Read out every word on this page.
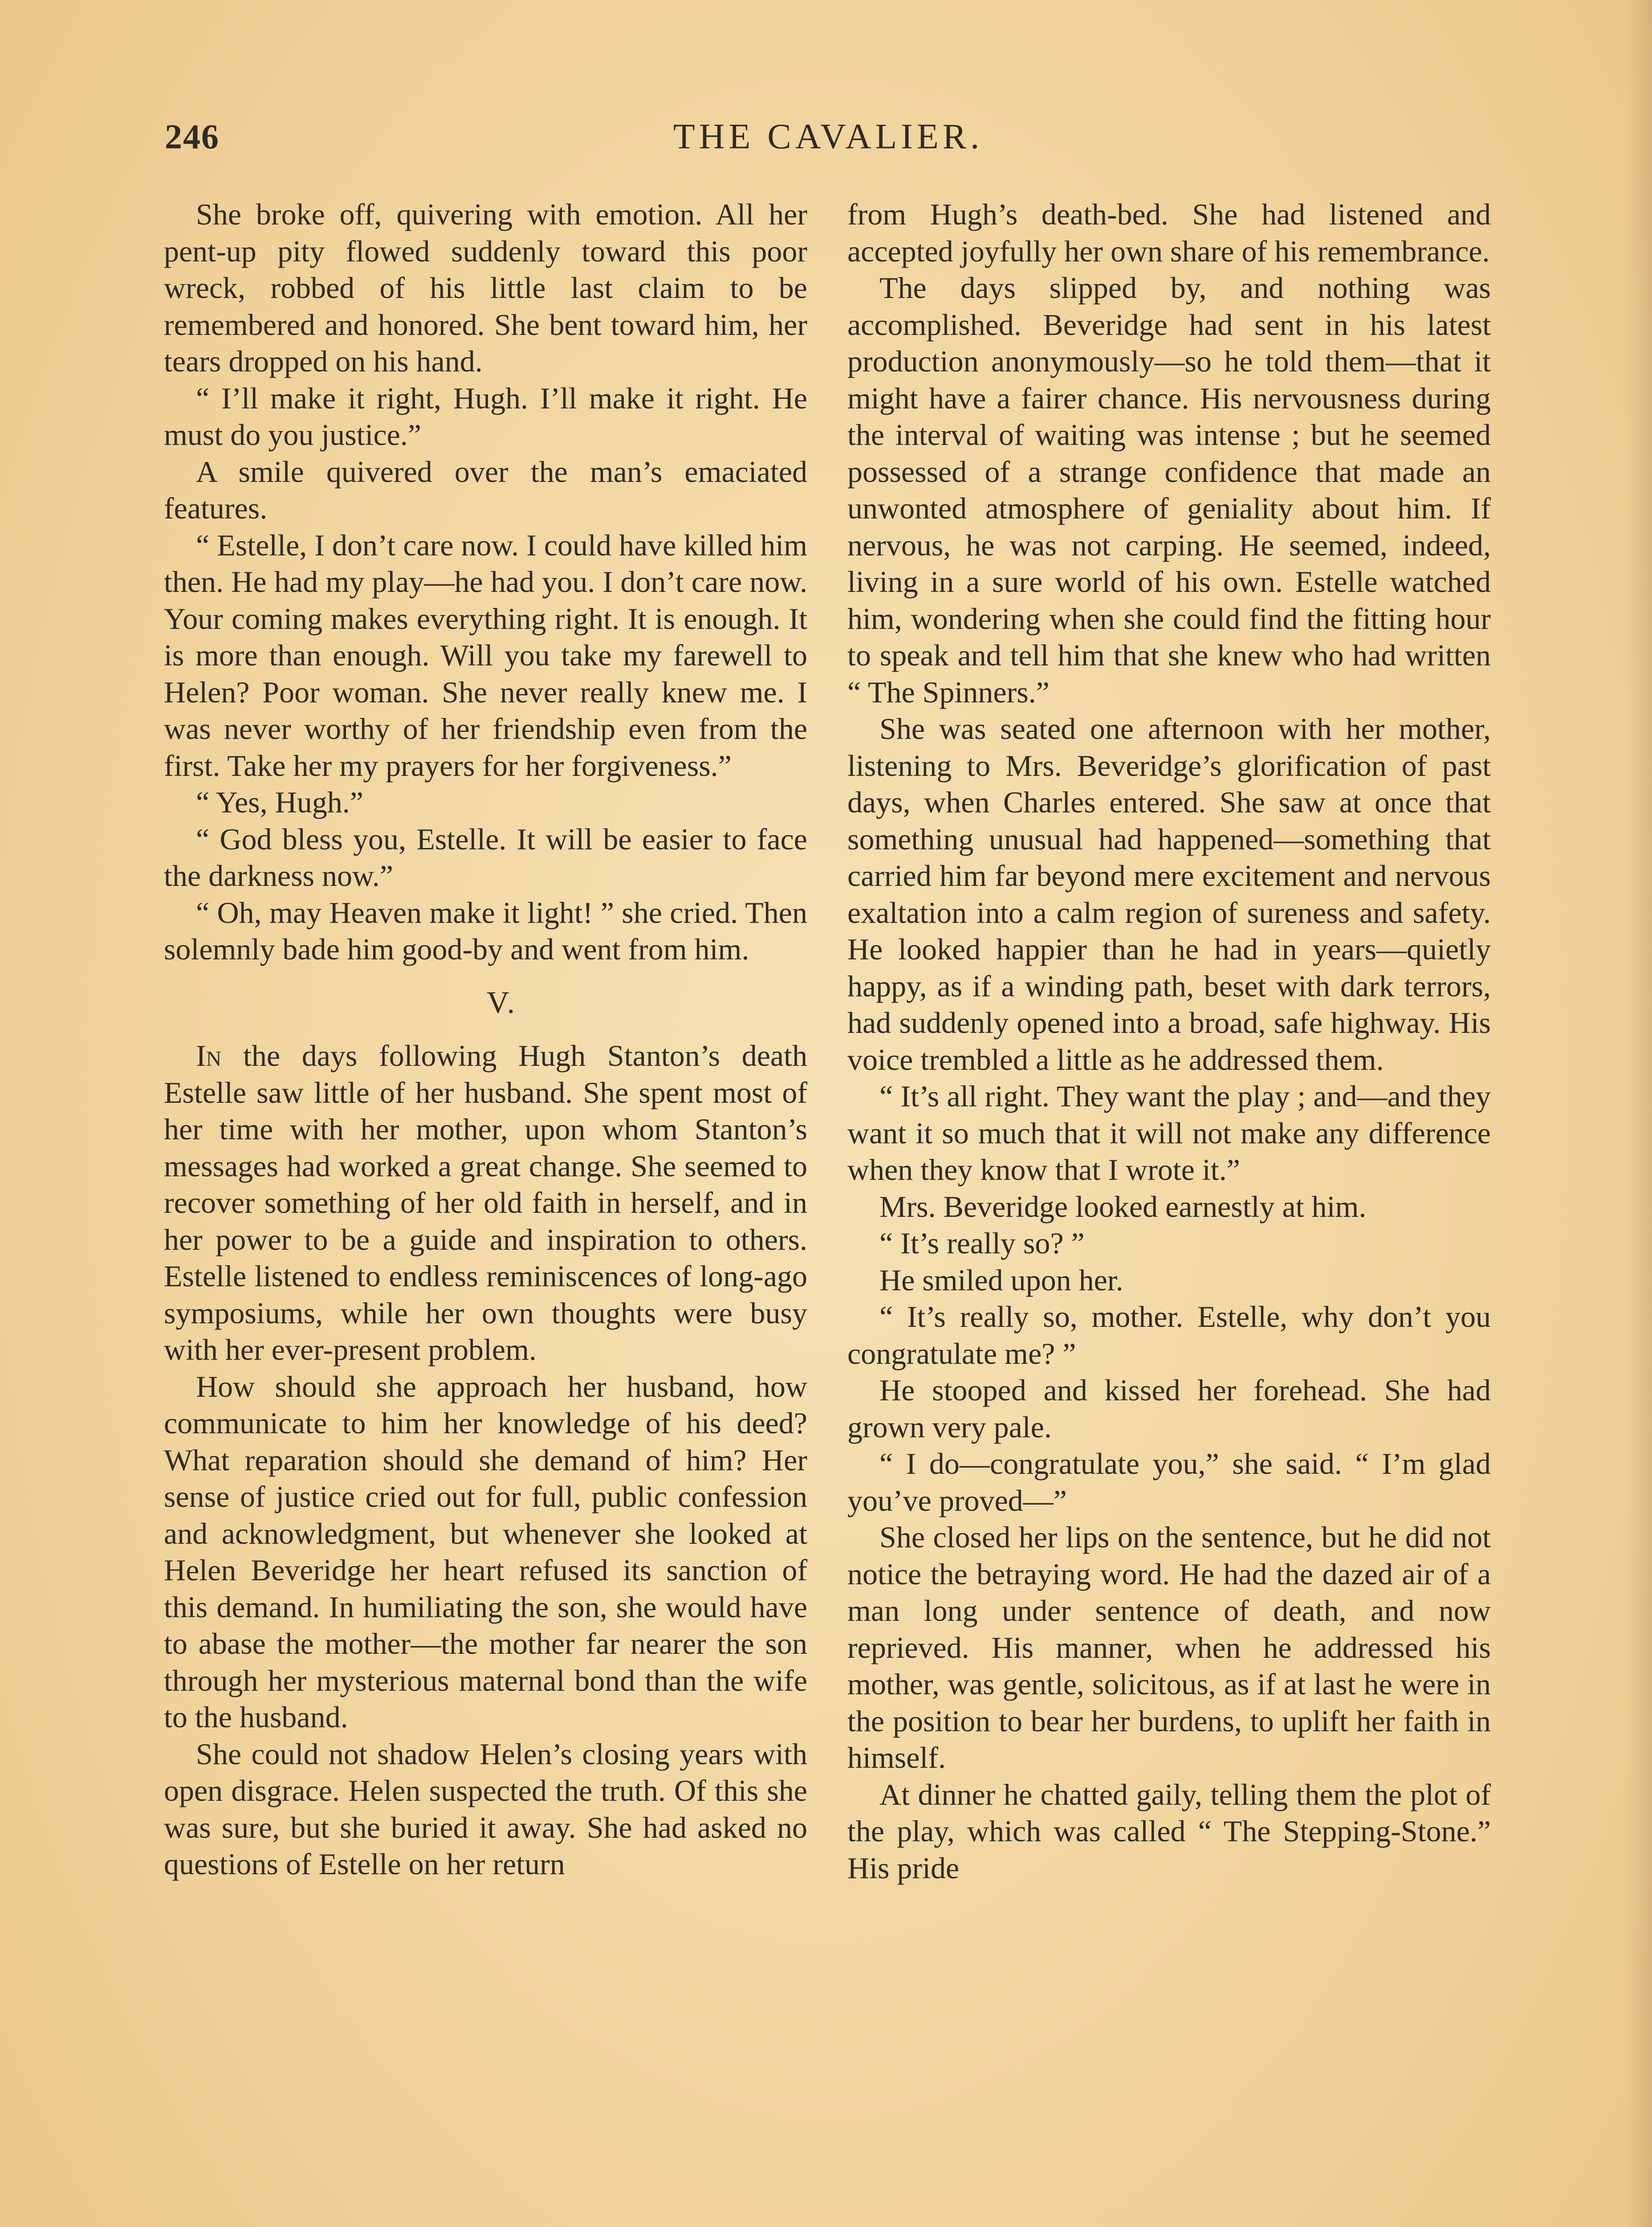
246	THE CAVALIER.

She broke off, quivering with emotion. All her pent-up pity flowed suddenly toward this poor wreck, robbed of his little last claim to be remembered and honored. She bent toward him, her tears dropped on his hand.

“ I’ll make it right, Hugh. I’ll make it right. He must do you justice.”

A smile quivered over the man’s emaciated features.

“ Estelle, I don’t care now. I could have killed him then. He had my play—he had you. I don’t care now. Your coming makes everything right. It is enough. It is more than enough. Will you take my farewell to Helen? Poor woman. She never really knew me. I was never worthy of her friendship even from the first. Take her my prayers for her forgiveness.”

“ Yes, Hugh.”

“ God bless you, Estelle. It will be easier to face the darkness now.”

“ Oh, may Heaven make it light! ” she cried. Then solemnly bade him good-by and went from him.

V.

In the days following Hugh Stanton’s death Estelle saw little of her husband. She spent most of her time with her mother, upon whom Stanton’s messages had worked a great change. She seemed to recover something of her old faith in herself, and in her power to be a guide and inspiration to others. Estelle listened to endless reminiscences of long-ago symposiums, while her own thoughts were busy with her ever-present problem.

How should she approach her husband, how communicate to him her knowledge of his deed? What reparation should she demand of him? Her sense of justice cried out for full, public confession and acknowledgment, but whenever she looked at Helen Beveridge her heart refused its sanction of this demand. In humiliating the son, she would have to abase the mother—the mother far nearer the son through her mysterious maternal bond than the wife to the husband.

She could not shadow Helen’s closing years with open disgrace. Helen suspected the truth. Of this she was sure, but she buried it away. She had asked no questions of Estelle on her return

from Hugh’s death-bed. She had listened and accepted joyfully her own share of his remembrance.

The days slipped by, and nothing was accomplished. Beveridge had sent in his latest production anonymously—so he told them—that it might have a fairer chance. His nervousness during the interval of waiting was intense ; but he seemed possessed of a strange confidence that made an unwonted atmosphere of geniality about him. If nervous, he was not carping. He seemed, indeed, living in a sure world of his own. Estelle watched him, wondering when she could find the fitting hour to speak and tell him that she knew who had written “ The Spinners.”

She was seated one afternoon with her mother, listening to Mrs. Beveridge’s glorification of past days, when Charles entered. She saw at once that something unusual had happened—something that carried him far beyond mere excitement and nervous exaltation into a calm region of sureness and safety. He looked happier than he had in years—quietly happy, as if a winding path, beset with dark terrors, had suddenly opened into a broad, safe highway. His voice trembled a little as he addressed them.

“ It’s all right. They want the play ; and—and they want it so much that it will not make any difference when they know that I wrote it.”

Mrs. Beveridge looked earnestly at him.

“ It’s really so? ”

He smiled upon her.

“ It’s really so, mother. Estelle, why don’t you congratulate me? ”

He stooped and kissed her forehead. She had grown very pale.

“ I do—congratulate you,” she said. “ I’m glad you’ve proved—”

She closed her lips on the sentence, but he did not notice the betraying word. He had the dazed air of a man long under sentence of death, and now reprieved. His manner, when he addressed his mother, was gentle, solicitous, as if at last he were in the position to bear her burdens, to uplift her faith in himself.

At dinner he chatted gaily, telling them the plot of the play, which was called “ The Stepping-Stone.” His pride
